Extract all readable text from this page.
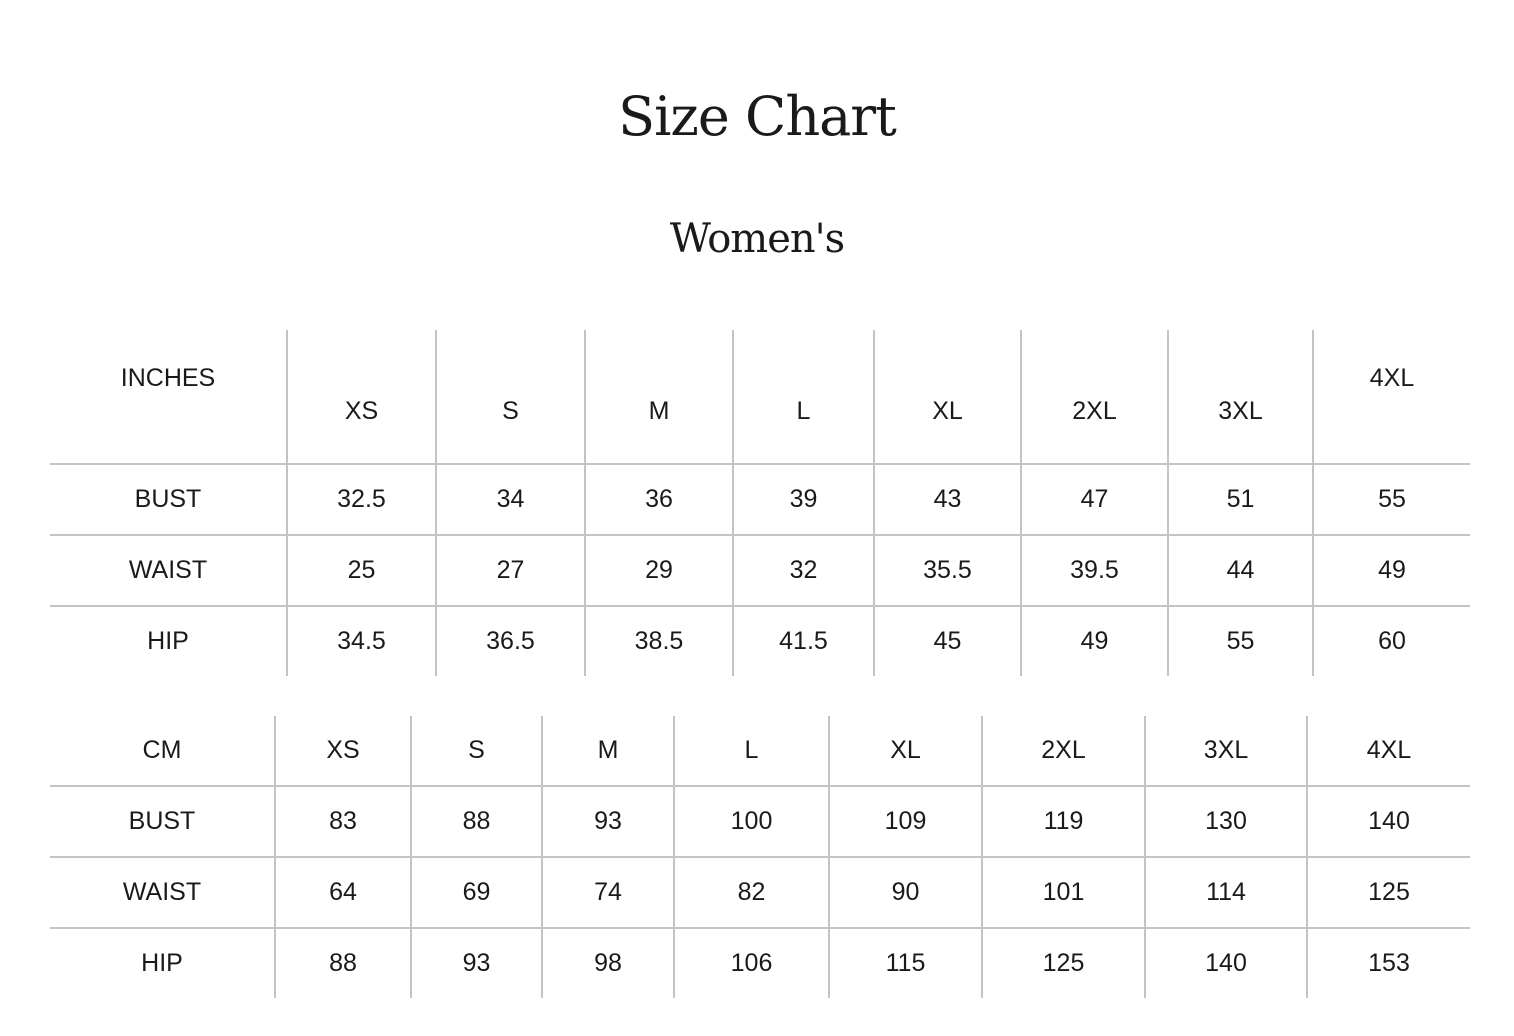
Size Chart
Women's
INCHES	XS	S	M	L	XL	2XL	3XL	4XL
BUST	32.5	34	36	39	43	47	51	55
WAIST	25	27	29	32	35.5	39.5	44	49
HIP	34.5	36.5	38.5	41.5	45	49	55	60
CM	XS	S	M	L	XL	2XL	3XL	4XL
BUST	83	88	93	100	109	119	130	140
WAIST	64	69	74	82	90	101	114	125
HIP	88	93	98	106	115	125	140	153
